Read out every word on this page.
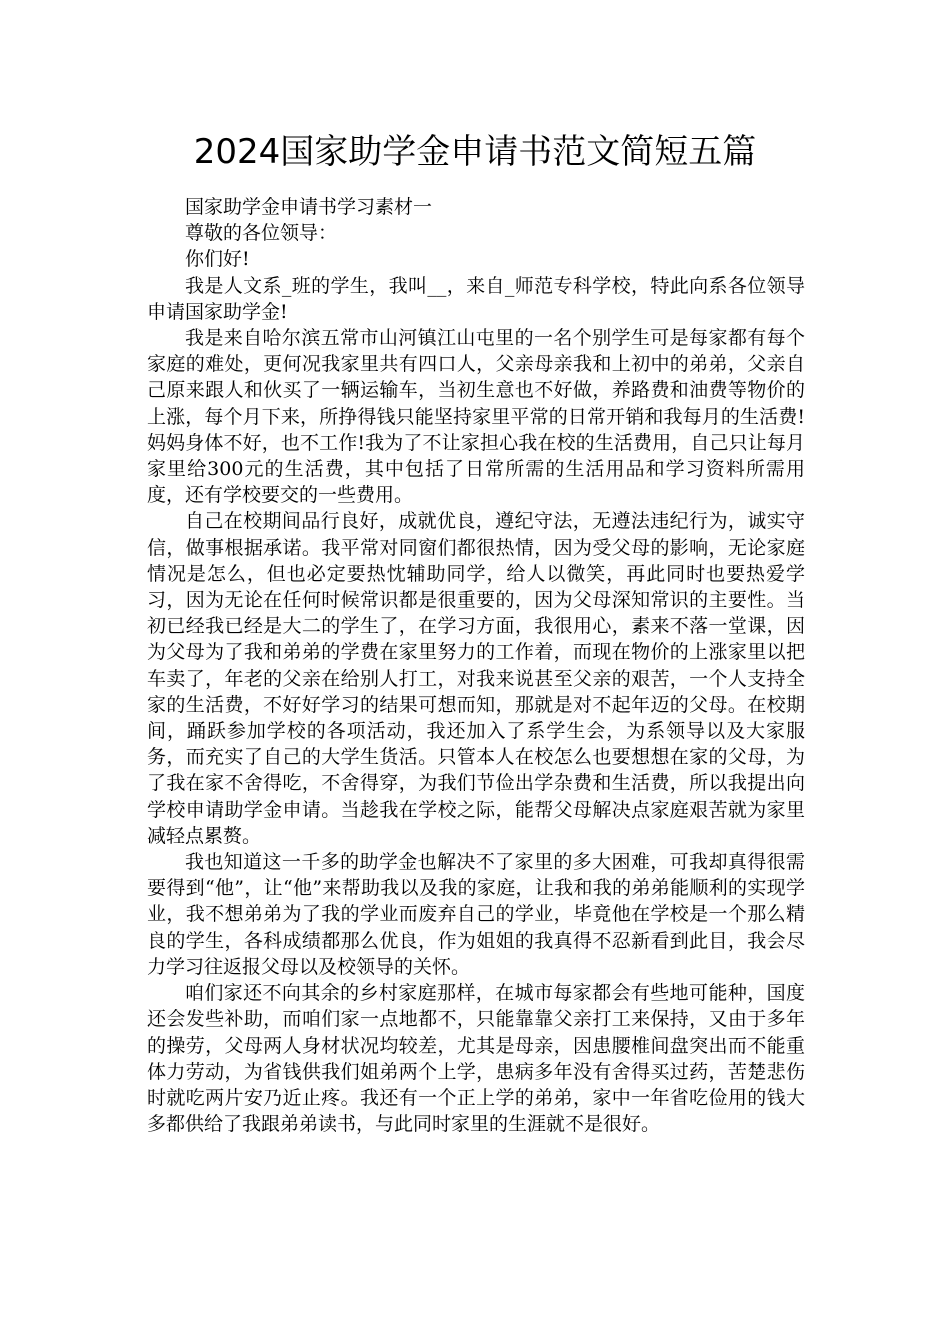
2024国家助学金申请书范文简短五篇

国家助学金申请书学习素材一

尊敬的各位领导：

你们好!

我是人文系_班的学生，我叫__，来自_师范专科学校，特此向系各位领导申请国家助学金!

我是来自哈尔滨五常市山河镇江山屯里的一名个别学生可是每家都有每个家庭的难处，更何况我家里共有四口人，父亲母亲我和上初中的弟弟，父亲自己原来跟人和伙买了一辆运输车，当初生意也不好做，养路费和油费等物价的上涨，每个月下来，所挣得钱只能坚持家里平常的日常开销和我每月的生活费!妈妈身体不好，也不工作!我为了不让家担心我在校的生活费用，自己只让每月家里给300元的生活费，其中包括了日常所需的生活用品和学习资料所需用度，还有学校要交的一些费用。

自己在校期间品行良好，成就优良，遵纪守法，无遵法违纪行为，诚实守信，做事根据承诺。我平常对同窗们都很热情，因为受父母的影响，无论家庭情况是怎么，但也必定要热忱辅助同学，给人以微笑，再此同时也要热爱学习，因为无论在任何时候常识都是很重要的，因为父母深知常识的主要性。当初已经我已经是大二的学生了，在学习方面，我很用心，素来不落一堂课，因为父母为了我和弟弟的学费在家里努力的工作着，而现在物价的上涨家里以把车卖了，年老的父亲在给别人打工，对我来说甚至父亲的艰苦，一个人支持全家的生活费，不好好学习的结果可想而知，那就是对不起年迈的父母。在校期间，踊跃参加学校的各项活动，我还加入了系学生会，为系领导以及大家服务，而充实了自己的大学生货活。只管本人在校怎么也要想想在家的父母，为了我在家不舍得吃，不舍得穿，为我们节俭出学杂费和生活费，所以我提出向学校申请助学金申请。当趁我在学校之际，能帮父母解决点家庭艰苦就为家里减轻点累赘。

我也知道这一千多的助学金也解决不了家里的多大困难，可我却真得很需要得到“他”，让“他”来帮助我以及我的家庭，让我和我的弟弟能顺利的实现学业，我不想弟弟为了我的学业而废弃自己的学业，毕竟他在学校是一个那么精良的学生，各科成绩都那么优良，作为姐姐的我真得不忍新看到此目，我会尽力学习往返报父母以及校领导的关怀。

咱们家还不向其余的乡村家庭那样，在城市每家都会有些地可能种，国度还会发些补助，而咱们家一点地都不，只能靠靠父亲打工来保持，又由于多年的操劳，父母两人身材状况均较差，尤其是母亲，因患腰椎间盘突出而不能重体力劳动，为省钱供我们姐弟两个上学，患病多年没有舍得买过药，苦楚悲伤时就吃两片安乃近止疼。我还有一个正上学的弟弟，家中一年省吃俭用的钱大多都供给了我跟弟弟读书，与此同时家里的生涯就不是很好。
